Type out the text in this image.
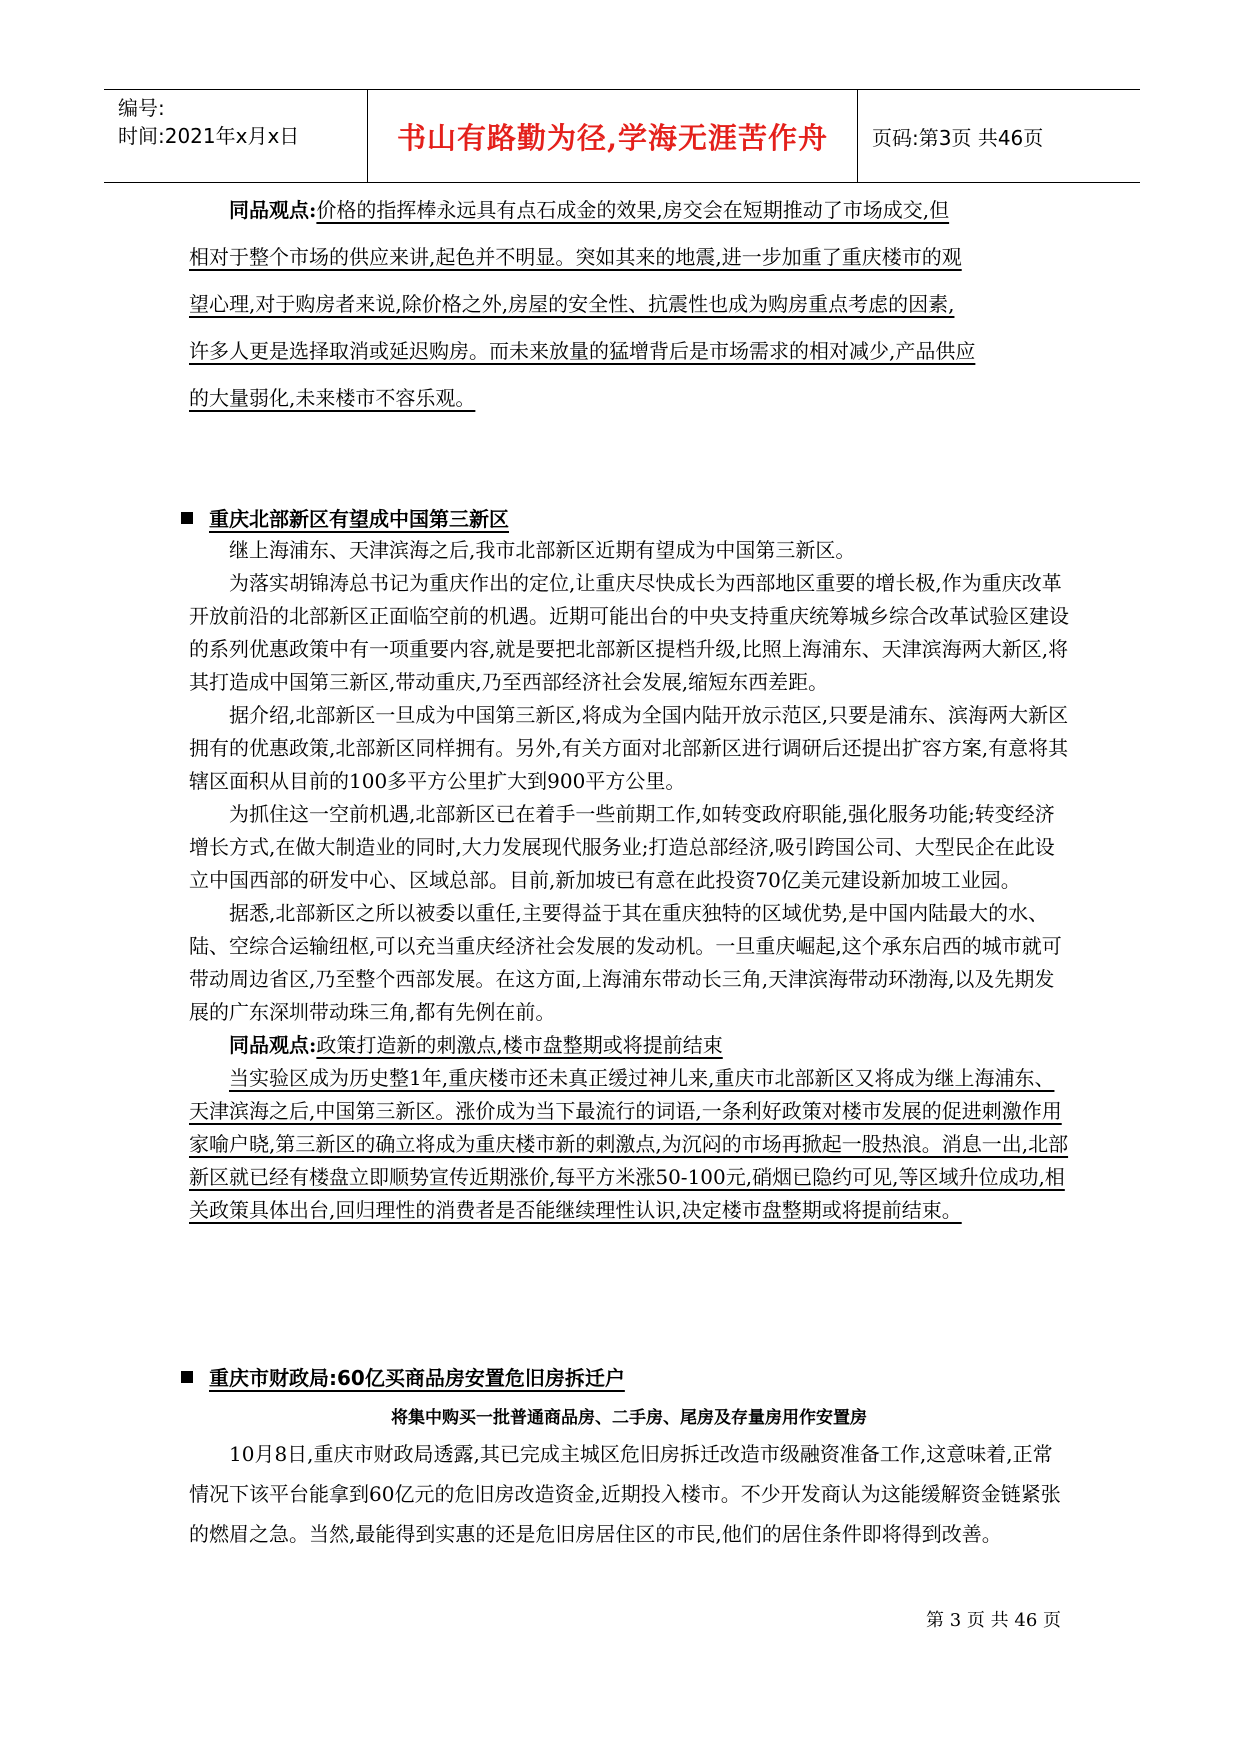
编号:
时间:2021年x月x日	书山有路勤为径,学海无涯苦作舟	页码:第3页 共46页

同品观点:价格的指挥棒永远具有点石成金的效果,房交会在短期推动了市场成交,但

相对于整个市场的供应来讲,起色并不明显。突如其来的地震,进一步加重了重庆楼市的观

望心理,对于购房者来说,除价格之外,房屋的安全性、抗震性也成为购房重点考虑的因素,

许多人更是选择取消或延迟购房。而未来放量的猛增背后是市场需求的相对减少,产品供应

的大量弱化,未来楼市不容乐观。

重庆北部新区有望成中国第三新区

继上海浦东、天津滨海之后,我市北部新区近期有望成为中国第三新区。

为落实胡锦涛总书记为重庆作出的定位,让重庆尽快成长为西部地区重要的增长极,作为重庆改革开放前沿的北部新区正面临空前的机遇。近期可能出台的中央支持重庆统筹城乡综合改革试验区建设的系列优惠政策中有一项重要内容,就是要把北部新区提档升级,比照上海浦东、天津滨海两大新区,将其打造成中国第三新区,带动重庆,乃至西部经济社会发展,缩短东西差距。

据介绍,北部新区一旦成为中国第三新区,将成为全国内陆开放示范区,只要是浦东、滨海两大新区拥有的优惠政策,北部新区同样拥有。另外,有关方面对北部新区进行调研后还提出扩容方案,有意将其辖区面积从目前的100多平方公里扩大到900平方公里。

为抓住这一空前机遇,北部新区已在着手一些前期工作,如转变政府职能,强化服务功能;转变经济增长方式,在做大制造业的同时,大力发展现代服务业;打造总部经济,吸引跨国公司、大型民企在此设立中国西部的研发中心、区域总部。目前,新加坡已有意在此投资70亿美元建设新加坡工业园。

据悉,北部新区之所以被委以重任,主要得益于其在重庆独特的区域优势,是中国内陆最大的水、陆、空综合运输纽枢,可以充当重庆经济社会发展的发动机。一旦重庆崛起,这个承东启西的城市就可带动周边省区,乃至整个西部发展。在这方面,上海浦东带动长三角,天津滨海带动环渤海,以及先期发展的广东深圳带动珠三角,都有先例在前。

同品观点:政策打造新的刺激点,楼市盘整期或将提前结束

当实验区成为历史整1年,重庆楼市还未真正缓过神儿来,重庆市北部新区又将成为继上海浦东、天津滨海之后,中国第三新区。涨价成为当下最流行的词语,一条利好政策对楼市发展的促进刺激作用家喻户晓,第三新区的确立将成为重庆楼市新的刺激点,为沉闷的市场再掀起一股热浪。消息一出,北部新区就已经有楼盘立即顺势宣传近期涨价,每平方米涨50-100元,硝烟已隐约可见,等区域升位成功,相关政策具体出台,回归理性的消费者是否能继续理性认识,决定楼市盘整期或将提前结束。

重庆市财政局:60亿买商品房安置危旧房拆迁户
将集中购买一批普通商品房、二手房、尾房及存量房用作安置房

10月8日,重庆市财政局透露,其已完成主城区危旧房拆迁改造市级融资准备工作,这意味着,正常情况下该平台能拿到60亿元的危旧房改造资金,近期投入楼市。不少开发商认为这能缓解资金链紧张的燃眉之急。当然,最能得到实惠的还是危旧房居住区的市民,他们的居住条件即将得到改善。

第 3 页 共 46 页
